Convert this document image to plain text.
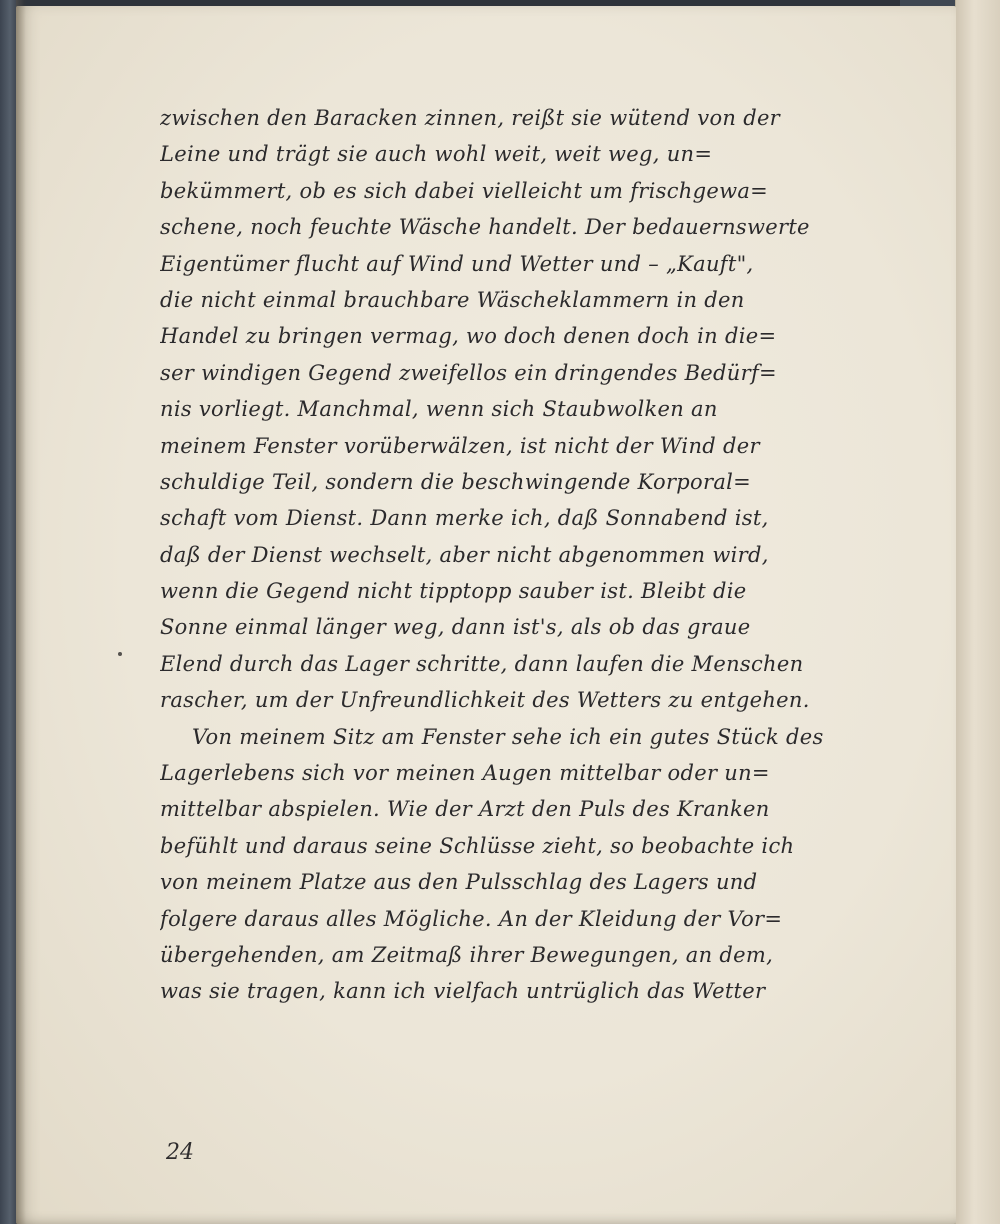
zwischen den Baracken zinnen, reißt sie wütend von der
Leine und trägt sie auch wohl weit, weit weg, un=
bekümmert, ob es sich dabei vielleicht um frischgewa=
schene, noch feuchte Wäsche handelt. Der bedauernswerte
Eigentümer flucht auf Wind und Wetter und – „Kauft",
die nicht einmal brauchbare Wäscheklammern in den
Handel zu bringen vermag, wo doch denen doch in die=
ser windigen Gegend zweifellos ein dringendes Bedürf=
nis vorliegt. Manchmal, wenn sich Staubwolken an
meinem Fenster vorüberwälzen, ist nicht der Wind der
schuldige Teil, sondern die beschwingende Korporal=
schaft vom Dienst. Dann merke ich, daß Sonnabend ist,
daß der Dienst wechselt, aber nicht abgenommen wird,
wenn die Gegend nicht tipptopp sauber ist. Bleibt die
Sonne einmal länger weg, dann ist's, als ob das graue
Elend durch das Lager schritte, dann laufen die Menschen
rascher, um der Unfreundlichkeit des Wetters zu entgehen.
Von meinem Sitz am Fenster sehe ich ein gutes Stück des
Lagerlebens sich vor meinen Augen mittelbar oder un=
mittelbar abspielen. Wie der Arzt den Puls des Kranken
befühlt und daraus seine Schlüsse zieht, so beobachte ich
von meinem Platze aus den Pulsschlag des Lagers und
folgere daraus alles Mögliche. An der Kleidung der Vor=
übergehenden, am Zeitmaß ihrer Bewegungen, an dem,
was sie tragen, kann ich vielfach untrüglich das Wetter
24
